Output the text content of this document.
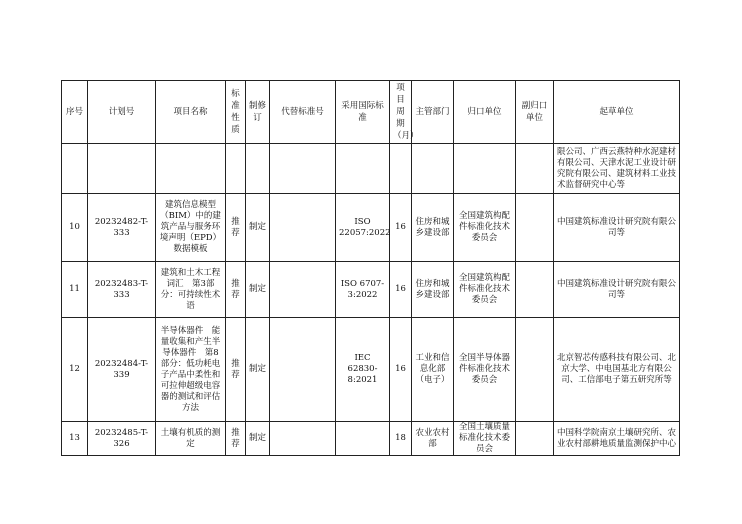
序号	计划号	项目名称	标准性质	制修订	代替标准号	采用国际标准	项目周期（月）	主管部门	归口单位	副归口单位	起草单位

											限公司、广西云燕特种水泥建材有限公司、天津水泥工业设计研究院有限公司、建筑材料工业技术监督研究中心等

10	20232482-T-333	建筑信息模型（BIM）中的建筑产品与服务环境声明（EPD）数据模板	推荐	制定		ISO 22057:2022	16	住房和城乡建设部	全国建筑构配件标准化技术委员会		中国建筑标准设计研究院有限公司等

11	20232483-T-333	建筑和土木工程词汇　第3部分：可持续性术语	推荐	制定		ISO 6707-3:2022	16	住房和城乡建设部	全国建筑构配件标准化技术委员会		中国建筑标准设计研究院有限公司等

12	20232484-T-339	半导体器件　能量收集和产生半导体器件　第8部分：低功耗电子产品中柔性和可拉伸超级电容器的测试和评估方法	推荐	制定		IEC 62830-8:2021	16	工业和信息化部（电子）	全国半导体器件标准化技术委员会		北京智芯传感科技有限公司、北京大学、中电国基北方有限公司、工信部电子第五研究所等

13	20232485-T-326	土壤有机质的测定	推荐	制定			18	农业农村部	全国土壤质量标准化技术委员会		中国科学院南京土壤研究所、农业农村部耕地质量监测保护中心
